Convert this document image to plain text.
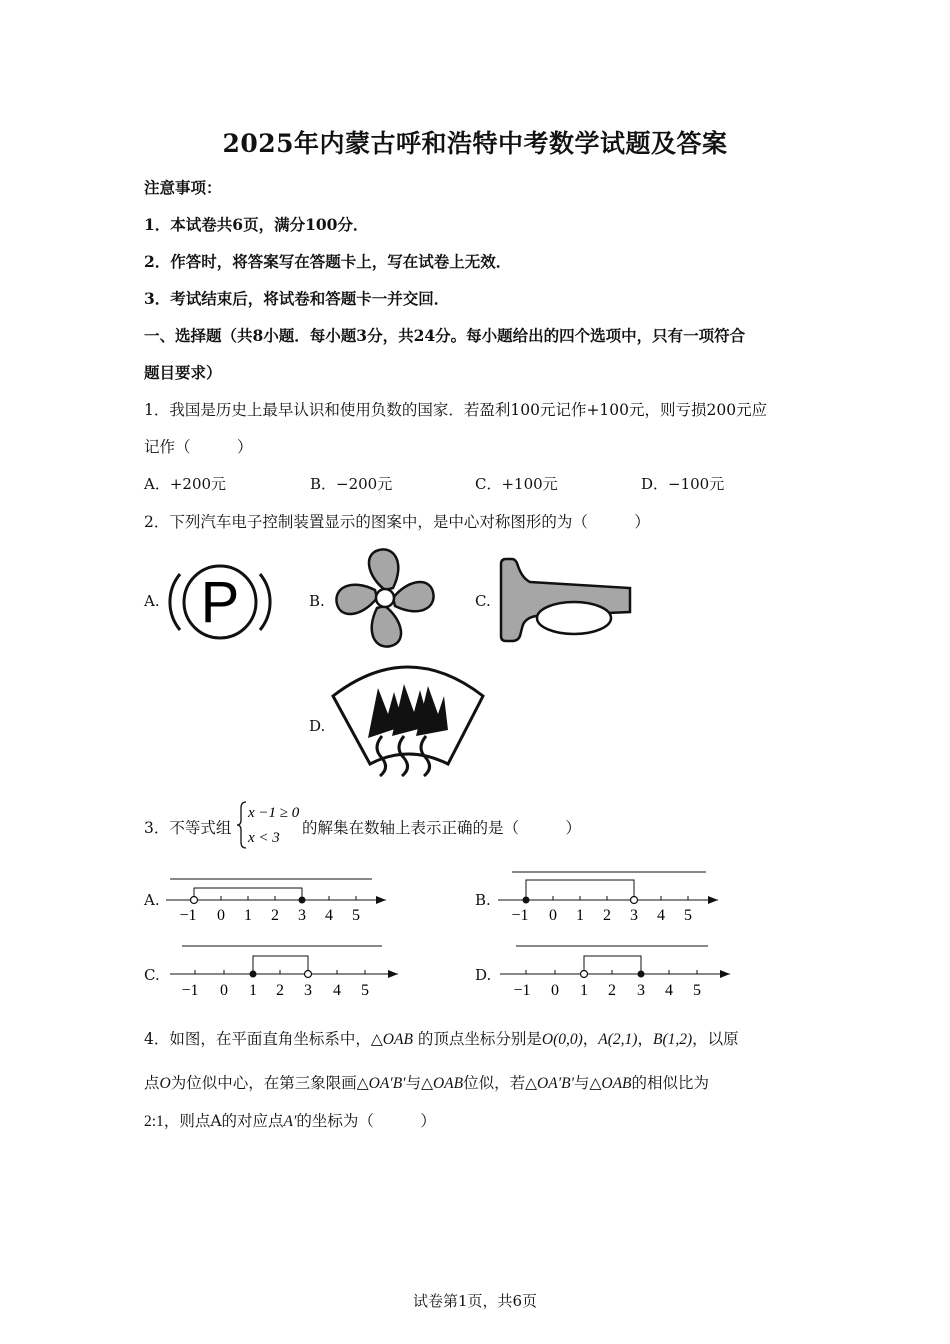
2025年内蒙古呼和浩特中考数学试题及答案
注意事项：
1．本试卷共6页，满分100分．
2．作答时，将答案写在答题卡上，写在试卷上无效．
3．考试结束后，将试卷和答题卡一并交回．
一、选择题（共8小题．每小题3分，共24分。每小题给出的四个选项中，只有一项符合
题目要求）
1．我国是历史上最早认识和使用负数的国家．若盈利100元记作+100元，则亏损200元应
记作（　　　）
A．+200元	B．−200元	C．+100元	D．−100元
2．下列汽车电子控制装置显示的图案中，是中心对称图形的为（　　　）
A. P	B.	C.
D.
3．不等式组
x −1 ≥ 0
x < 3
的解集在数轴上表示正确的是（　　　）
A.
−1 0 1 2 3 4 5
B.
−1 0 1 2 3 4 5
C.
−1 0 1 2 3 4 5
D.
−1 0 1 2 3 4 5
4．如图，在平面直角坐标系中，△OAB 的顶点坐标分别是O(0,0)，A(2,1)，B(1,2)，以原
点O为位似中心，在第三象限画△OA′B′与△OAB位似，若△OA′B′与△OAB的相似比为
2:1，则点A的对应点A′的坐标为（　　　）
试卷第1页，共6页
